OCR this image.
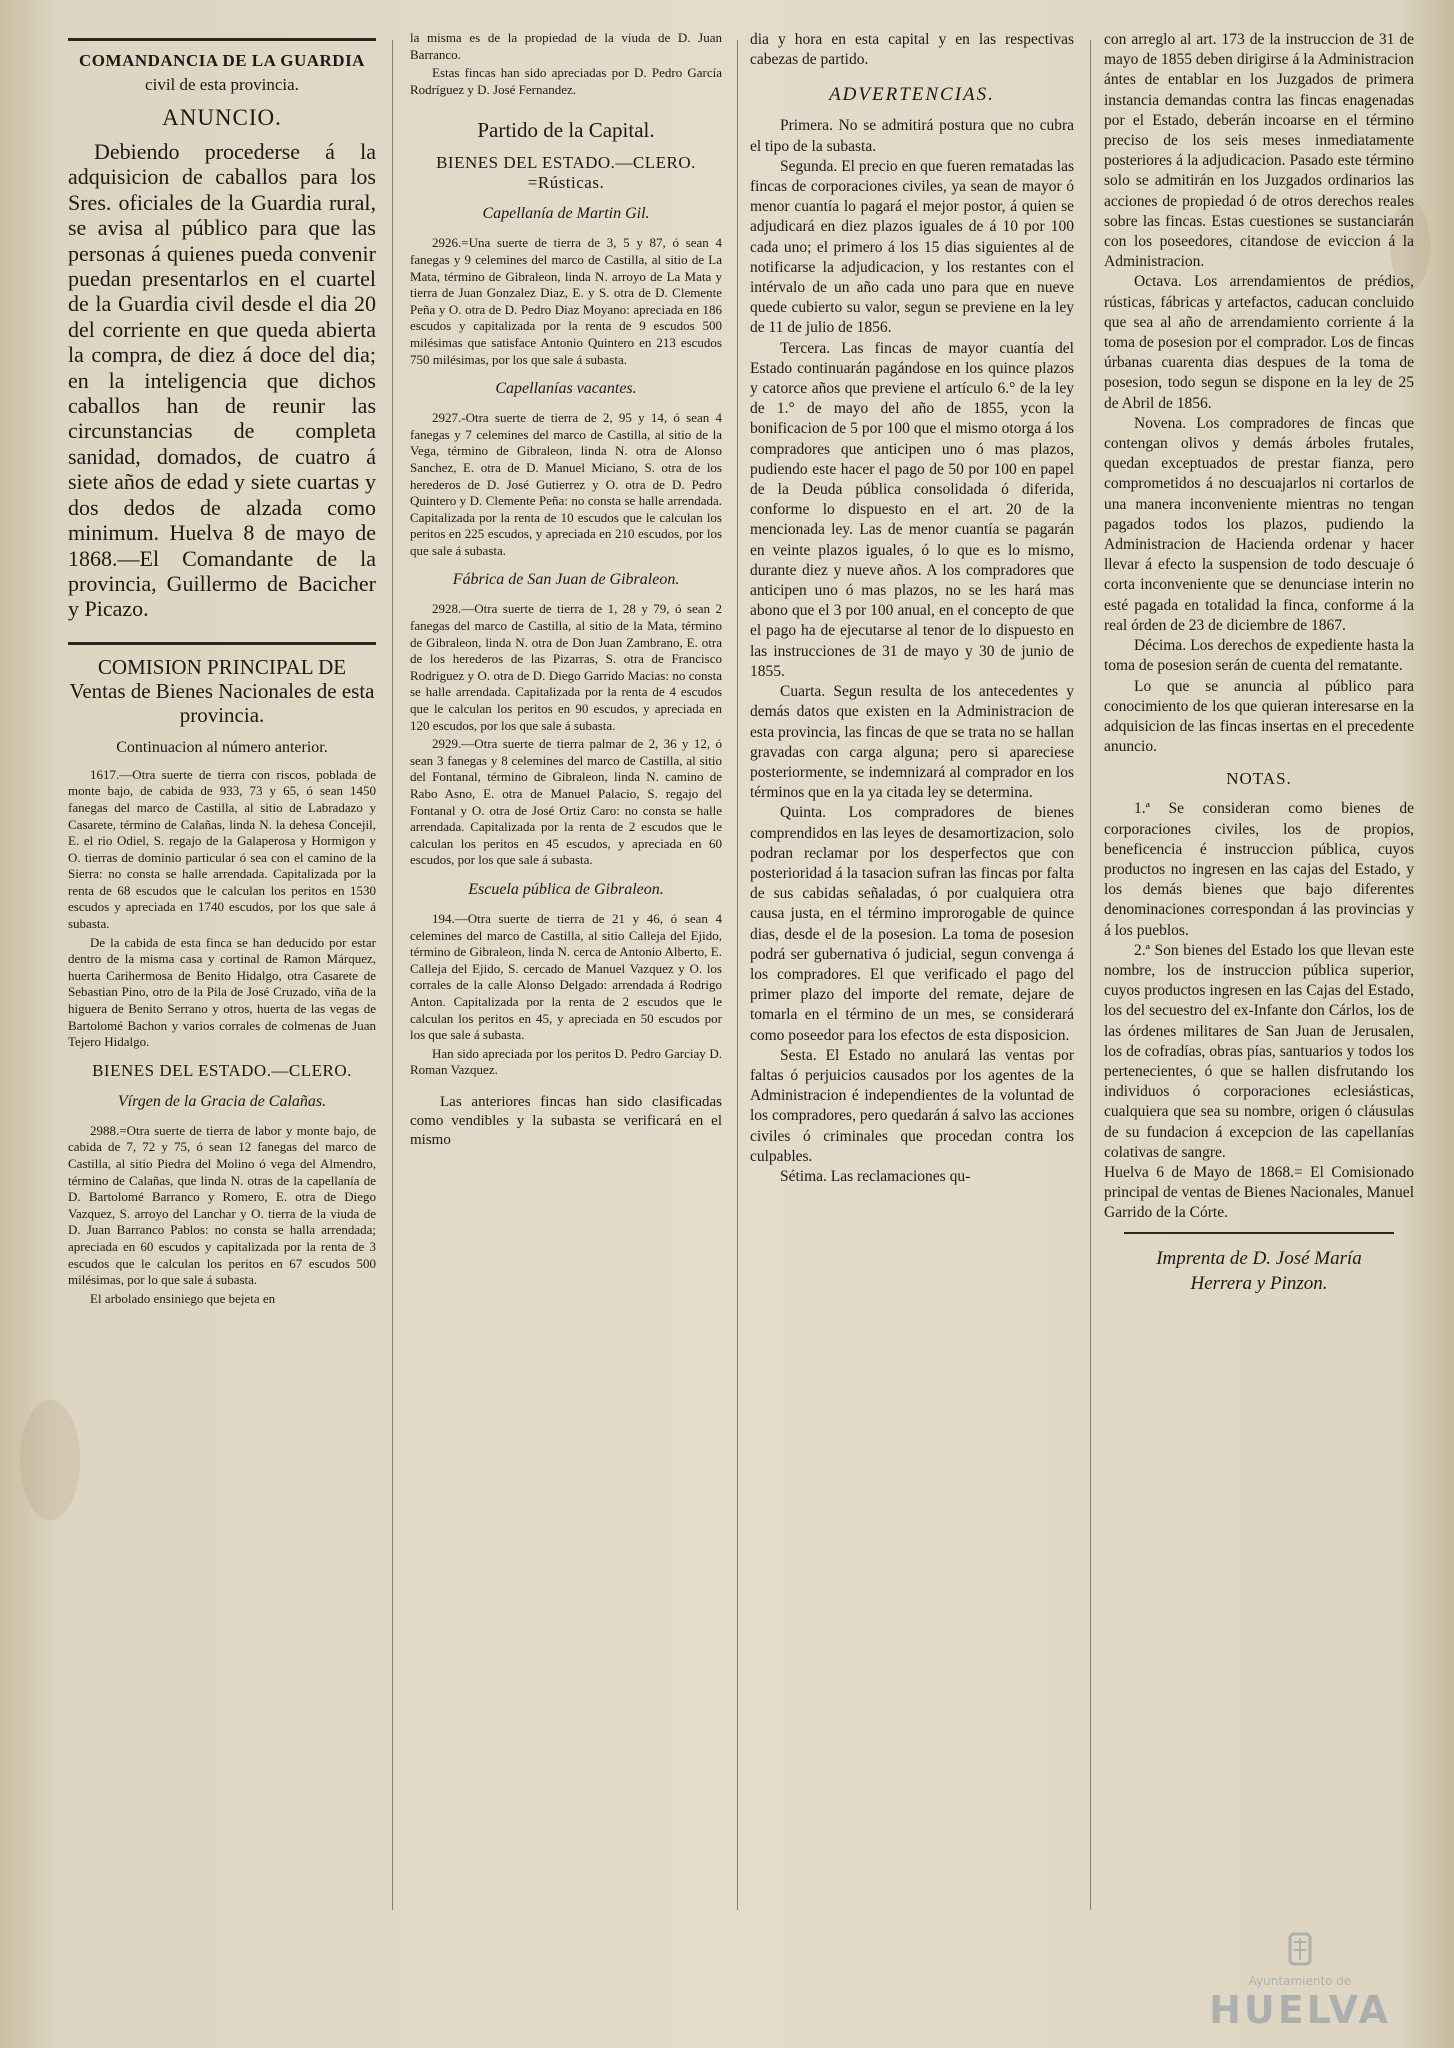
COMANDANCIA DE LA GUARDIA
civil de esta provincia.
ANUNCIO.

Debiendo procederse á la adquisicion de caballos para los Sres. oficiales de la Guardia rural, se avisa al público para que las personas á quienes pueda convenir puedan presentarlos en el cuartel de la Guardia civil desde el dia 20 del corriente en que queda abierta la compra, de diez á doce del dia; en la inteligencia que dichos caballos han de reunir las circunstancias de completa sanidad, domados, de cuatro á siete años de edad y siete cuartas y dos dedos de alzada como minimum. Huelva 8 de mayo de 1868.—El Comandante de la provincia, Guillermo de Bacicher y Picazo.

COMISION PRINCIPAL DE Ventas de Bienes Nacionales de esta provincia.
Continuacion al número anterior.

1617.—Otra suerte de tierra con riscos, poblada de monte bajo, de cabida de 933, 73 y 65, ó sean 1450 fanegas del marco de Castilla, al sitio de Labradazo y Casarete, término de Calañas, linda N. la dehesa Concejil, E. el rio Odiel, S. regajo de la Galaperosa y Hormigon y O. tierras de dominio particular ó sea con el camino de la Sierra: no consta se halle arrendada. Capitalizada por la renta de 68 escudos que le calculan los peritos en 1530 escudos y apreciada en 1740 escudos, por los que sale á subasta.

De la cabida de esta finca se han deducido por estar dentro de la misma casa y cortinal de Ramon Márquez, huerta Carihermosa de Benito Hidalgo, otra Casarete de Sebastian Pino, otro de la Pila de José Cruzado, viña de la higuera de Benito Serrano y otros, huerta de las vegas de Bartolomé Bachon y varios corrales de colmenas de Juan Tejero Hidalgo.

BIENES DEL ESTADO.—CLERO.
Vírgen de la Gracia de Calañas.

2988.=Otra suerte de tierra de labor y monte bajo, de cabida de 7, 72 y 75, ó sean 12 fanegas del marco de Castilla, al sitio Piedra del Molino ó vega del Almendro, término de Calañas, que linda N. otras de la capellanía de D. Bartolomé Barranco y Romero, E. otra de Diego Vazquez, S. arroyo del Lanchar y O. tierra de la viuda de D. Juan Barranco Pablos: no consta se halla arrendada; apreciada en 60 escudos y capitalizada por la renta de 3 escudos que le calculan los peritos en 67 escudos 500 milésimas, por lo que sale á subasta.

El arbolado ensiniego que bejeta en

la misma es de la propiedad de la viuda de D. Juan Barranco.

Estas fincas han sido apreciadas por D. Pedro García Rodríguez y D. José Fernandez.

Partido de la Capital.
BIENES DEL ESTADO.—CLERO. =Rústicas.
Capellanía de Martin Gil.

2926.=Una suerte de tierra de 3, 5 y 87, ó sean 4 fanegas y 9 celemines del marco de Castilla, al sitio de La Mata, término de Gibraleon, linda N. arroyo de La Mata y tierra de Juan Gonzalez Diaz, E. y S. otra de D. Clemente Peña y O. otra de D. Pedro Diaz Moyano: apreciada en 186 escudos y capitalizada por la renta de 9 escudos 500 milésimas que satisface Antonio Quintero en 213 escudos 750 milésimas, por los que sale á subasta.

Capellanías vacantes.

2927.-Otra suerte de tierra de 2, 95 y 14, ó sean 4 fanegas y 7 celemines del marco de Castilla, al sitio de la Vega, término de Gibraleon, linda N. otra de Alonso Sanchez, E. otra de D. Manuel Miciano, S. otra de los herederos de D. José Gutierrez y O. otra de D. Pedro Quintero y D. Clemente Peña: no consta se halle arrendada. Capitalizada por la renta de 10 escudos que le calculan los peritos en 225 escudos, y apreciada en 210 escudos, por los que sale á subasta.

Fábrica de San Juan de Gibraleon.

2928.—Otra suerte de tierra de 1, 28 y 79, ó sean 2 fanegas del marco de Castilla, al sitio de la Mata, término de Gibraleon, linda N. otra de Don Juan Zambrano, E. otra de los herederos de las Pizarras, S. otra de Francisco Rodriguez y O. otra de D. Diego Garrido Macias: no consta se halle arrendada. Capitalizada por la renta de 4 escudos que le calculan los peritos en 90 escudos, y apreciada en 120 escudos, por los que sale á subasta.

2929.—Otra suerte de tierra palmar de 2, 36 y 12, ó sean 3 fanegas y 8 celemines del marco de Castilla, al sitio del Fontanal, término de Gibraleon, linda N. camino de Rabo Asno, E. otra de Manuel Palacio, S. regajo del Fontanal y O. otra de José Ortiz Caro: no consta se halle arrendada. Capitalizada por la renta de 2 escudos que le calculan los peritos en 45 escudos, y apreciada en 60 escudos, por los que sale á subasta.

Escuela pública de Gibraleon.

194.—Otra suerte de tierra de 21 y 46, ó sean 4 celemines del marco de Castilla, al sitio Calleja del Ejido, término de Gibraleon, linda N. cerca de Antonio Alberto, E. Calleja del Ejido, S. cercado de Manuel Vazquez y O. los corrales de la calle Alonso Delgado: arrendada á Rodrigo Anton. Capitalizada por la renta de 2 escudos que le calculan los peritos en 45, y apreciada en 50 escudos por los que sale á subasta.

Han sido apreciada por los peritos D. Pedro Garciay D. Roman Vazquez.

Las anteriores fincas han sido clasificadas como vendibles y la subasta se verificará en el mismo

dia y hora en esta capital y en las respectivas cabezas de partido.

ADVERTENCIAS.

Primera. No se admitirá postura que no cubra el tipo de la subasta.

Segunda. El precio en que fueren rematadas las fincas de corporaciones civiles, ya sean de mayor ó menor cuantía lo pagará el mejor postor, á quien se adjudicará en diez plazos iguales de á 10 por 100 cada uno; el primero á los 15 dias siguientes al de notificarse la adjudicacion, y los restantes con el intérvalo de un año cada uno para que en nueve quede cubierto su valor, segun se previene en la ley de 11 de julio de 1856.

Tercera. Las fincas de mayor cuantía del Estado continuarán pagándose en los quince plazos y catorce años que previene el artículo 6.° de la ley de 1.° de mayo del año de 1855, ycon la bonificacion de 5 por 100 que el mismo otorga á los compradores que anticipen uno ó mas plazos, pudiendo este hacer el pago de 50 por 100 en papel de la Deuda pública consolidada ó diferida, conforme lo dispuesto en el art. 20 de la mencionada ley. Las de menor cuantía se pagarán en veinte plazos iguales, ó lo que es lo mismo, durante diez y nueve años. A los compradores que anticipen uno ó mas plazos, no se les hará mas abono que el 3 por 100 anual, en el concepto de que el pago ha de ejecutarse al tenor de lo dispuesto en las instrucciones de 31 de mayo y 30 de junio de 1855.

Cuarta. Segun resulta de los antecedentes y demás datos que existen en la Administracion de esta provincia, las fincas de que se trata no se hallan gravadas con carga alguna; pero si apareciese posteriormente, se indemnizará al comprador en los términos que en la ya citada ley se determina.

Quinta. Los compradores de bienes comprendidos en las leyes de desamortizacion, solo podran reclamar por los desperfectos que con posterioridad á la tasacion sufran las fincas por falta de sus cabidas señaladas, ó por cualquiera otra causa justa, en el término improrogable de quince dias, desde el de la posesion. La toma de posesion podrá ser gubernativa ó judicial, segun convenga á los compradores. El que verificado el pago del primer plazo del importe del remate, dejare de tomarla en el término de un mes, se considerará como poseedor para los efectos de esta disposicion.

Sesta. El Estado no anulará las ventas por faltas ó perjuicios causados por los agentes de la Administracion é independientes de la voluntad de los compradores, pero quedarán á salvo las acciones civiles ó criminales que procedan contra los culpables.

Sétima. Las reclamaciones qu-

con arreglo al art. 173 de la instruccion de 31 de mayo de 1855 deben dirigirse á la Administracion ántes de entablar en los Juzgados de primera instancia demandas contra las fincas enagenadas por el Estado, deberán incoarse en el término preciso de los seis meses inmediatamente posteriores á la adjudicacion. Pasado este término solo se admitirán en los Juzgados ordinarios las acciones de propiedad ó de otros derechos reales sobre las fincas. Estas cuestiones se sustanciarán con los poseedores, citandose de eviccion á la Administracion.

Octava. Los arrendamientos de prédios, rústicas, fábricas y artefactos, caducan concluido que sea al año de arrendamiento corriente á la toma de posesion por el comprador. Los de fincas úrbanas cuarenta dias despues de la toma de posesion, todo segun se dispone en la ley de 25 de Abril de 1856.

Novena. Los compradores de fincas que contengan olivos y demás árboles frutales, quedan exceptuados de prestar fianza, pero comprometidos á no descuajarlos ni cortarlos de una manera inconveniente mientras no tengan pagados todos los plazos, pudiendo la Administracion de Hacienda ordenar y hacer llevar á efecto la suspension de todo descuaje ó corta inconveniente que se denunciase interin no esté pagada en totalidad la finca, conforme á la real órden de 23 de diciembre de 1867.

Décima. Los derechos de expediente hasta la toma de posesion serán de cuenta del rematante.

Lo que se anuncia al público para conocimiento de los que quieran interesarse en la adquisicion de las fincas insertas en el precedente anuncio.

NOTAS.

1.ª Se consideran como bienes de corporaciones civiles, los de propios, beneficencia é instruccion pública, cuyos productos no ingresen en las cajas del Estado, y los demás bienes que bajo diferentes denominaciones correspondan á las provincias y á los pueblos.

2.ª Son bienes del Estado los que llevan este nombre, los de instruccion pública superior, cuyos productos ingresen en las Cajas del Estado, los del secuestro del ex-Infante don Cárlos, los de las órdenes militares de San Juan de Jerusalen, los de cofradías, obras pías, santuarios y todos los pertenecientes, ó que se hallen disfrutando los individuos ó corporaciones eclesiásticas, cualquiera que sea su nombre, origen ó cláusulas de su fundacion á excepcion de las capellanías colativas de sangre.

Huelva 6 de Mayo de 1868.= El Comisionado principal de ventas de Bienes Nacionales, Manuel Garrido de la Córte.

Imprenta de D. José María
Herrera y Pinzon.
Ayuntamiento de
HUELVA
